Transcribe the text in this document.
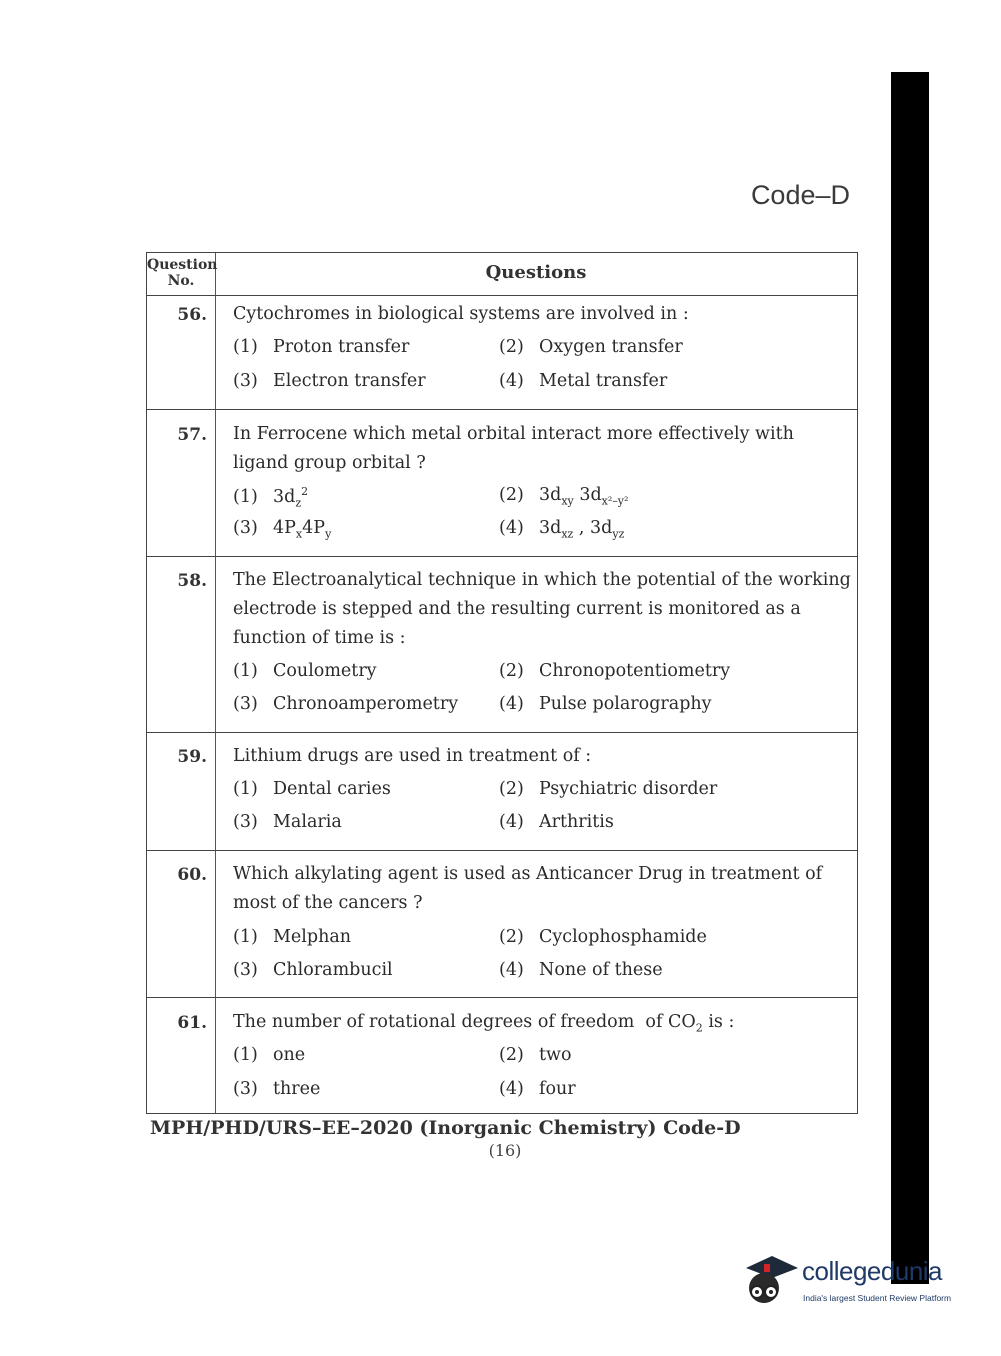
Code–D
Question No.	Questions
56. Cytochromes in biological systems are involved in :
(1) Proton transfer	(2) Oxygen transfer
(3) Electron transfer	(4) Metal transfer
57. In Ferrocene which metal orbital interact more effectively with ligand group orbital ?
(1) $3d_z^2$	(2) $3d_{xy}$ $3d_{x^2-y^2}$
(3) $4P_x4P_y$	(4) $3d_{xz}$ , $3d_{yz}$
58. The Electroanalytical technique in which the potential of the working electrode is stepped and the resulting current is monitored as a function of time is :
(1) Coulometry	(2) Chronopotentiometry
(3) Chronoamperometry (4) Pulse polarography
59. Lithium drugs are used in treatment of :
(1) Dental caries	(2) Psychiatric disorder
(3) Malaria	(4) Arthritis
60. Which alkylating agent is used as Anticancer Drug in treatment of most of the cancers ?
(1) Melphan	(2) Cyclophosphamide
(3) Chlorambucil	(4) None of these
61. The number of rotational degrees of freedom  of $CO_2$ is :
(1) one	(2) two
(3) three	(4) four
MPH/PHD/URS–EE–2020 (Inorganic Chemistry) Code-D
(16)
collegedunia
India's largest Student Review Platform
